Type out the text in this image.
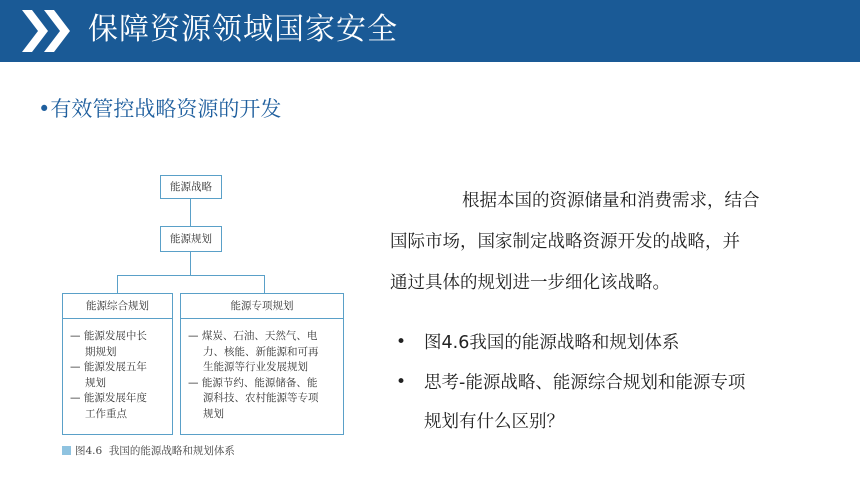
保障资源领域国家安全
•有效管控战略资源的开发
能源战略
能源规划
能源综合规划
— 能源发展中长
期规划
— 能源发展五年
规划
— 能源发展年度
工作重点
能源专项规划
— 煤炭、石油、天然气、电
力、核能、新能源和可再
生能源等行业发展规划
— 能源节约、能源储备、能
源科技、农村能源等专项
规划
图4.6 我国的能源战略和规划体系
根据本国的资源储量和消费需求，结合
国际市场，国家制定战略资源开发的战略，并
通过具体的规划进一步细化该战略。
• 图4.6我国的能源战略和规划体系
• 思考-能源战略、能源综合规划和能源专项
规划有什么区别？
